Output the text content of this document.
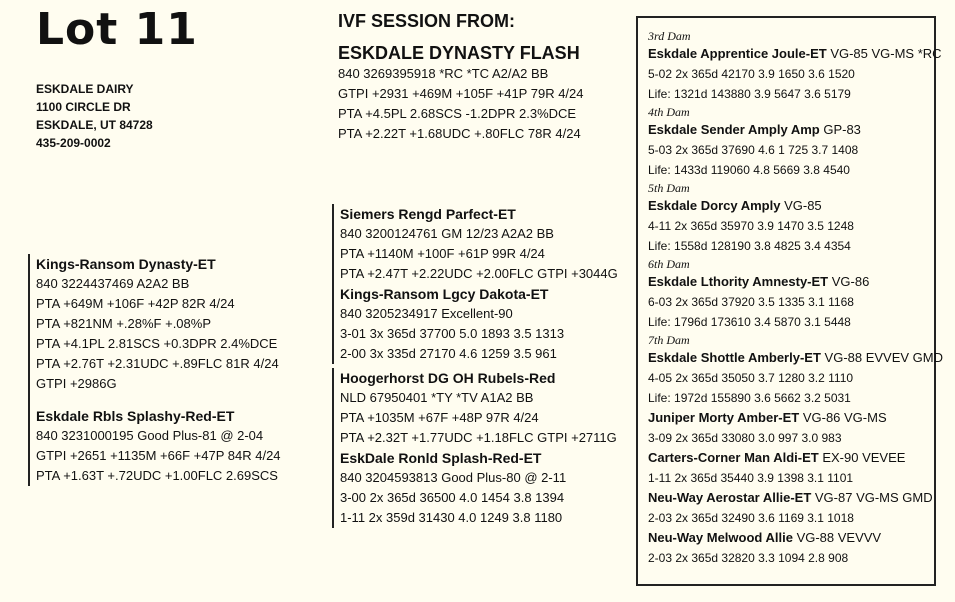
Lot 11
ESKDALE DAIRY
1100 CIRCLE DR
ESKDALE, UT 84728
435-209-0002
IVF SESSION FROM:
ESKDALE DYNASTY FLASH
840 3269395918 *RC *TC A2/A2 BB
GTPI +2931 +469M +105F +41P 79R 4/24
PTA +4.5PL 2.68SCS -1.2DPR 2.3%DCE
PTA +2.22T +1.68UDC +.80FLC 78R 4/24
Kings-Ransom Dynasty-ET
840 3224437469 A2A2 BB
PTA +649M +106F +42P 82R 4/24
PTA +821NM +.28%F +.08%P
PTA +4.1PL 2.81SCS +0.3DPR 2.4%DCE
PTA +2.76T +2.31UDC +.89FLC 81R 4/24
GTPI +2986G
Eskdale Rbls Splashy-Red-ET
840 3231000195 Good Plus-81 @ 2-04
GTPI +2651 +1135M +66F +47P 84R 4/24
PTA +1.63T +.72UDC +1.00FLC 2.69SCS
Siemers Rengd Parfect-ET
840 3200124761 GM 12/23 A2A2 BB
PTA +1140M +100F +61P 99R 4/24
PTA +2.47T +2.22UDC +2.00FLC GTPI +3044G
Kings-Ransom Lgcy Dakota-ET
840 3205234917 Excellent-90
3-01 3x 365d 37700 5.0 1893 3.5 1313
2-00 3x 335d 27170 4.6 1259 3.5 961
Hoogerhorst DG OH Rubels-Red
NLD 67950401 *TY *TV A1A2 BB
PTA +1035M +67F +48P 97R 4/24
PTA +2.32T +1.77UDC +1.18FLC GTPI +2711G
EskDale Ronld Splash-Red-ET
840 3204593813 Good Plus-80 @ 2-11
3-00 2x 365d 36500 4.0 1454 3.8 1394
1-11 2x 359d 31430 4.0 1249 3.8 1180
3rd Dam
Eskdale Apprentice Joule-ET VG-85 VG-MS *RC
5-02 2x 365d 42170 3.9 1650 3.6 1520
Life: 1321d 143880 3.9 5647 3.6 5179
4th Dam
Eskdale Sender Amply Amp GP-83
5-03 2x 365d 37690 4.6 1 725 3.7 1408
Life: 1433d 119060 4.8 5669 3.8 4540
5th Dam
Eskdale Dorcy Amply VG-85
4-11 2x 365d 35970 3.9 1470 3.5 1248
Life: 1558d 128190 3.8 4825 3.4 4354
6th Dam
Eskdale Lthority Amnesty-ET VG-86
6-03 2x 365d 37920 3.5 1335 3.1 1168
Life: 1796d 173610 3.4 5870 3.1 5448
7th Dam
Eskdale Shottle Amberly-ET VG-88 EVVEV GMD
4-05 2x 365d 35050 3.7 1280 3.2 1110
Life: 1972d 155890 3.6 5662 3.2 5031
Juniper Morty Amber-ET VG-86 VG-MS
3-09 2x 365d 33080 3.0 997 3.0 983
Carters-Corner Man Aldi-ET EX-90 VEVEE
1-11 2x 365d 35440 3.9 1398 3.1 1101
Neu-Way Aerostar Allie-ET VG-87 VG-MS GMD
2-03 2x 365d 32490 3.6 1169 3.1 1018
Neu-Way Melwood Allie VG-88 VEVVV
2-03 2x 365d 32820 3.3 1094 2.8 908
